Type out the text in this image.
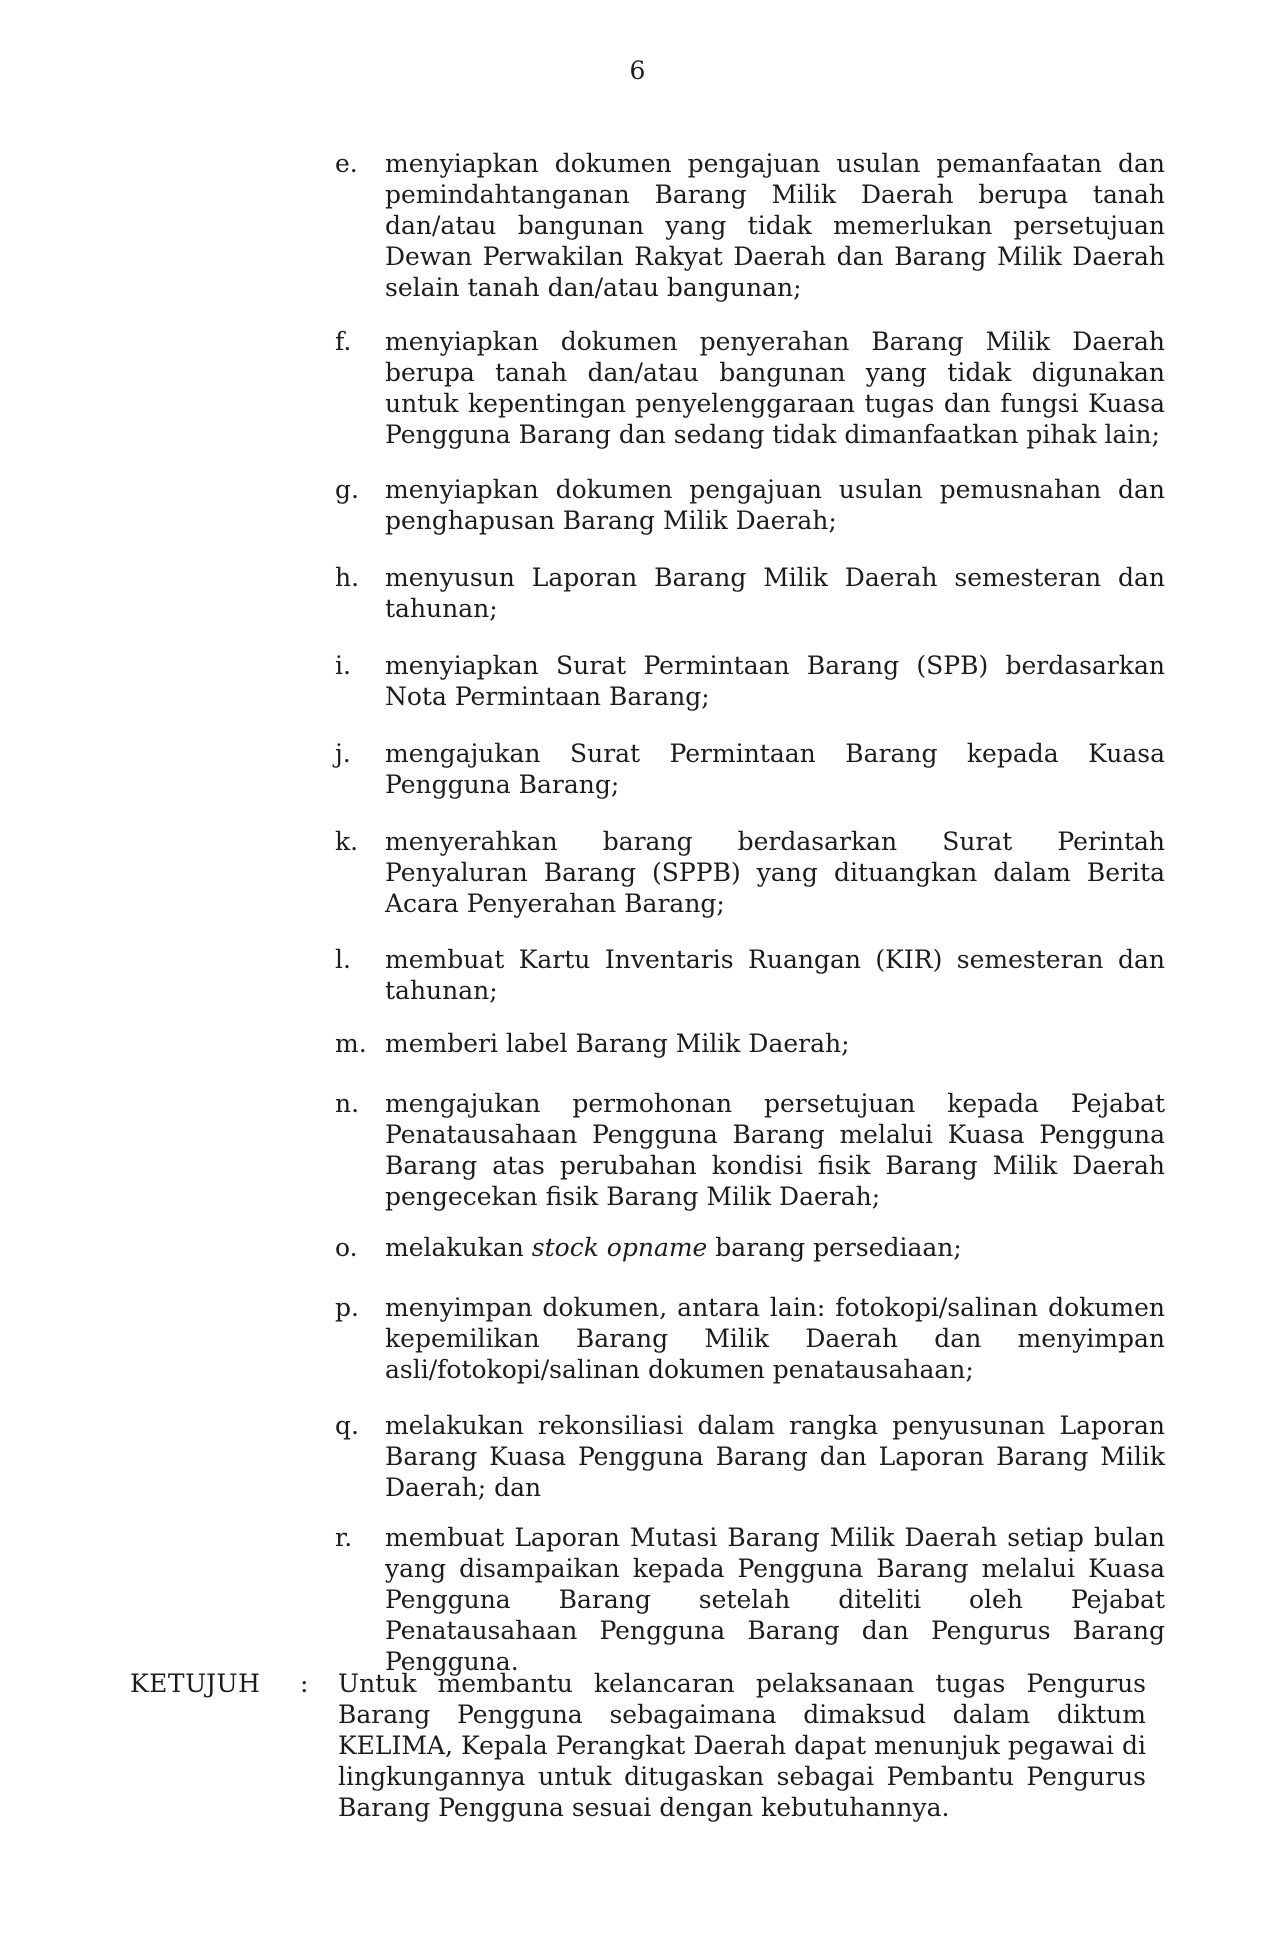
6
e. menyiapkan dokumen pengajuan usulan pemanfaatan dan pemindahtanganan Barang Milik Daerah berupa tanah dan/atau bangunan yang tidak memerlukan persetujuan Dewan Perwakilan Rakyat Daerah dan Barang Milik Daerah selain tanah dan/atau bangunan;
f. menyiapkan dokumen penyerahan Barang Milik Daerah berupa tanah dan/atau bangunan yang tidak digunakan untuk kepentingan penyelenggaraan tugas dan fungsi Kuasa Pengguna Barang dan sedang tidak dimanfaatkan pihak lain;
g. menyiapkan dokumen pengajuan usulan pemusnahan dan penghapusan Barang Milik Daerah;
h. menyusun Laporan Barang Milik Daerah semesteran dan tahunan;
i. menyiapkan Surat Permintaan Barang (SPB) berdasarkan Nota Permintaan Barang;
j. mengajukan Surat Permintaan Barang kepada Kuasa Pengguna Barang;
k. menyerahkan barang berdasarkan Surat Perintah Penyaluran Barang (SPPB) yang dituangkan dalam Berita Acara Penyerahan Barang;
l. membuat Kartu Inventaris Ruangan (KIR) semesteran dan tahunan;
m. memberi label Barang Milik Daerah;
n. mengajukan permohonan persetujuan kepada Pejabat Penatausahaan Pengguna Barang melalui Kuasa Pengguna Barang atas perubahan kondisi fisik Barang Milik Daerah pengecekan fisik Barang Milik Daerah;
o. melakukan stock opname barang persediaan;
p. menyimpan dokumen, antara lain: fotokopi/salinan dokumen kepemilikan Barang Milik Daerah dan menyimpan asli/fotokopi/salinan dokumen penatausahaan;
q. melakukan rekonsiliasi dalam rangka penyusunan Laporan Barang Kuasa Pengguna Barang dan Laporan Barang Milik Daerah; dan
r. membuat Laporan Mutasi Barang Milik Daerah setiap bulan yang disampaikan kepada Pengguna Barang melalui Kuasa Pengguna Barang setelah diteliti oleh Pejabat Penatausahaan Pengguna Barang dan Pengurus Barang Pengguna.
KETUJUH : Untuk membantu kelancaran pelaksanaan tugas Pengurus Barang Pengguna sebagaimana dimaksud dalam diktum KELIMA, Kepala Perangkat Daerah dapat menunjuk pegawai di lingkungannya untuk ditugaskan sebagai Pembantu Pengurus Barang Pengguna sesuai dengan kebutuhannya.
